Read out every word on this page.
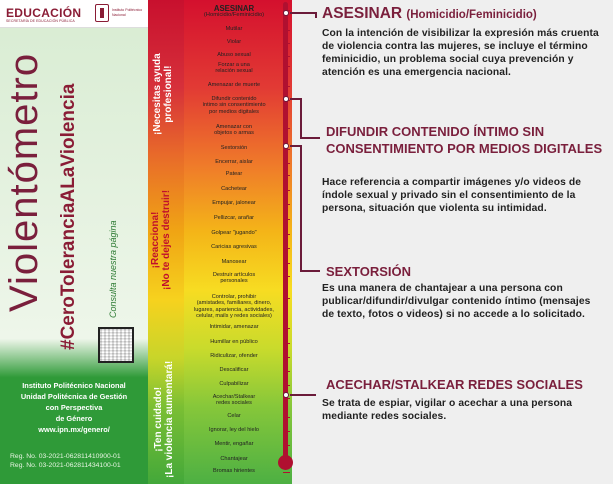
EDUCACIÓN
SECRETARÍA DE EDUCACIÓN PÚBLICA
Instituto Politécnico Nacional
Violentómetro #CeroToleranciaALaViolencia	Consulta nuestra página
Instituto Politécnico Nacional
Unidad Politécnica de Gestión
con Perspectiva
de Género
www.ipn.mx/genero/
Reg. No. 03-2021-062811410900-01
Reg. No. 03-2021-062811434100-01
¡Necesitas ayuda profesional!
¡Reacciona! ¡No te dejes destruir!
¡Ten cuidado! ¡La violencia aumentará!
ASESINAR
(Homicidio/Feminicidio)
Mutilar
Violar
Abuso sexual
Forzar a una
relación sexual
Amenazar de muerte
Difundir contenido
íntimo sin consentimiento
por medios digitales
Amenazar con
objetos o armas
Sextorsión
Encerrar, aislar
Patear
Cachetear
Empujar, jalonear
Pellizcar, arañar
Golpear "jugando"
Caricias agresivas
Manosear
Destruir artículos
personales
Controlar, prohibir
(amistades, familiares, dinero,
lugares, apariencia, actividades,
celular, mails y redes sociales)
Intimidar, amenazar
Humillar en público
Ridiculizar, ofender
Descalificar
Culpabilizar
Acechar/Stalkear
redes sociales
Celar
Ignorar, ley del hielo
Mentir, engañar
Chantajear
Bromas hirientes
ASESINAR (Homicidio/Feminicidio)
Con la intención de visibilizar la expresión más cruenta de violencia contra las mujeres, se incluye el término feminicidio, un problema social cuya prevención y atención es una emergencia nacional.
DIFUNDIR CONTENIDO ÍNTIMO SIN CONSENTIMIENTO POR MEDIOS DIGITALES
Hace referencia a compartir imágenes y/o videos de índole sexual y privado sin el consentimiento de la persona, situación que violenta su intimidad.
SEXTORSIÓN
Es una manera de chantajear a una persona con publicar/difundir/divulgar contenido íntimo (mensajes de texto, fotos o videos) si no accede a lo solicitado.
ACECHAR/STALKEAR REDES SOCIALES
Se trata de espiar, vigilar o acechar a una persona mediante redes sociales.
